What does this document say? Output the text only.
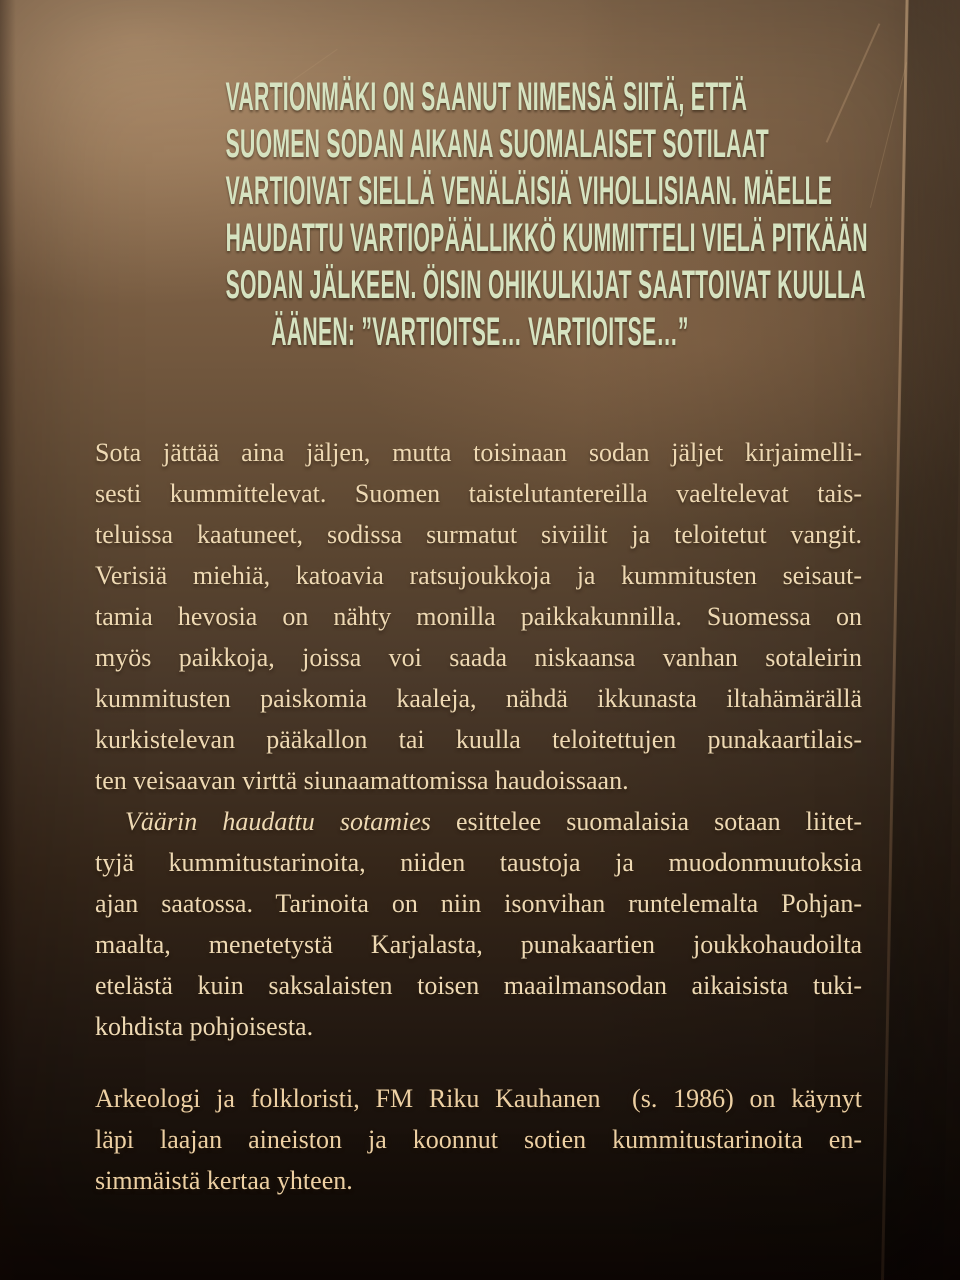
VARTIONMÄKI ON SAANUT NIMENSÄ SIITÄ, ETTÄ
SUOMEN SODAN AIKANA SUOMALAISET SOTILAAT
VARTIOIVAT SIELLÄ VENÄLÄISIÄ VIHOLLISIAAN. MÄELLE
HAUDATTU VARTIOPÄÄLLIKKÖ KUMMITTELI VIELÄ PITKÄÄN
SODAN JÄLKEEN. ÖISIN OHIKULKIJAT SAATTOIVAT KUULLA
ÄÄNEN: ”VARTIOITSE… VARTIOITSE…”
Sota jättää aina jäljen, mutta toisinaan sodan jäljet kirjaimelli-
sesti kummittelevat. Suomen taistelutantereilla vaeltelevat tais-
teluissa kaatuneet, sodissa surmatut siviilit ja teloitetut vangit.
Verisiä miehiä, katoavia ratsujoukkoja ja kummitusten seisaut-
tamia hevosia on nähty monilla paikkakunnilla. Suomessa on
myös paikkoja, joissa voi saada niskaansa vanhan sotaleirin
kummitusten paiskomia kaaleja, nähdä ikkunasta iltahämärällä
kurkistelevan pääkallon tai kuulla teloitettujen punakaartilais-
ten veisaavan virttä siunaamattomissa haudoissaan.
Väärin haudattu sotamies esittelee suomalaisia sotaan liitet-
tyjä kummitustarinoita, niiden taustoja ja muodonmuutoksia
ajan saatossa. Tarinoita on niin isonvihan runtelemalta Pohjan-
maalta, menetetystä Karjalasta, punakaartien joukkohaudoilta
etelästä kuin saksalaisten toisen maailmansodan aikaisista tuki-
kohdista pohjoisesta.
Arkeologi ja folkloristi, FM Riku Kauhanen  (s. 1986) on käynyt
läpi laajan aineiston ja koonnut sotien kummitustarinoita en-
simmäistä kertaa yhteen.
